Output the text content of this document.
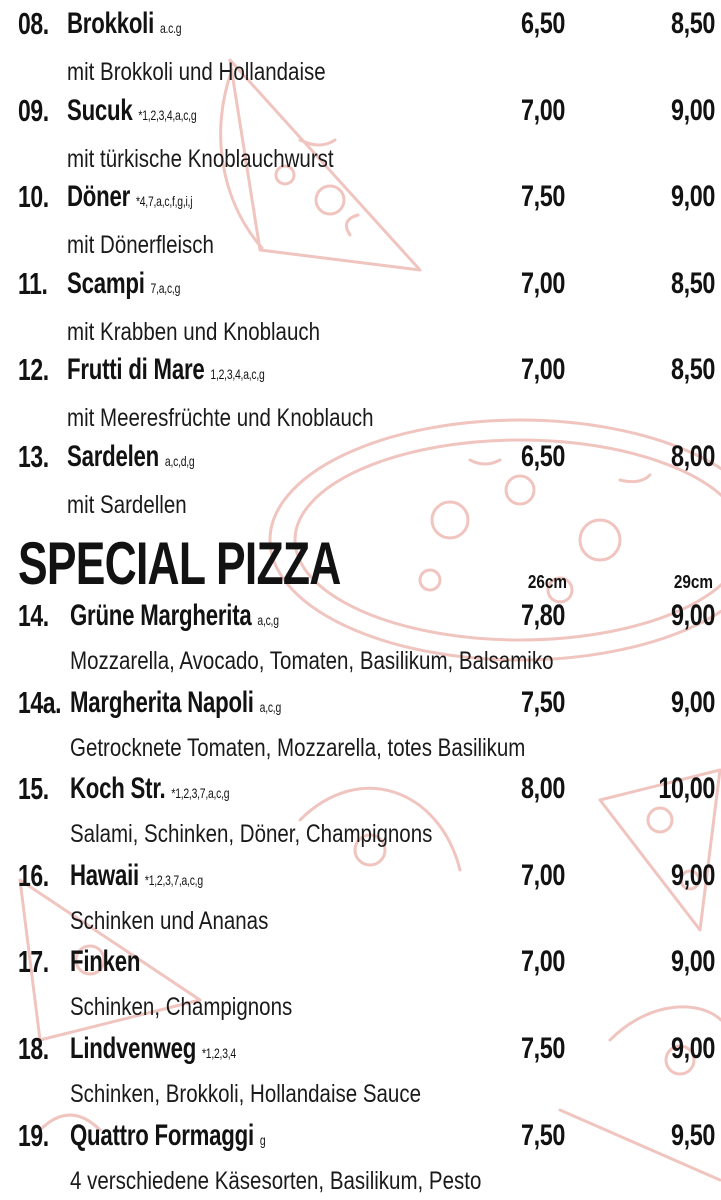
08. Brokkoli a.c.g	6,50	8,50
mit Brokkoli und Hollandaise
09. Sucuk *1,2,3,4,a,c,g	7,00	9,00
mit türkische Knoblauchwurst
10. Döner *4,7,a,c,f,g,i,j	7,50	9,00
mit Dönerfleisch
11. Scampi 7,a,c,g	7,00	8,50
mit Krabben und Knoblauch
12. Frutti di Mare 1,2,3,4,a,c,g	7,00	8,50
mit Meeresfrüchte und Knoblauch
13. Sardelen a,c,d,g	6,50	8,00
mit Sardellen
SPECIAL PIZZA	26cm	29cm
14. Grüne Margherita a,c,g	7,80	9,00
Mozzarella, Avocado, Tomaten, Basilikum, Balsamiko
14a. Margherita Napoli a,c,g	7,50	9,00
Getrocknete Tomaten, Mozzarella, totes Basilikum
15. Koch Str. *1,2,3,7,a,c,g	8,00	10,00
Salami, Schinken, Döner, Champignons
16. Hawaii *1,2,3,7,a,c,g	7,00	9,00
Schinken und Ananas
17. Finken	7,00	9,00
Schinken, Champignons
18. Lindvenweg *1,2,3,4	7,50	9,00
Schinken, Brokkoli, Hollandaise Sauce
19. Quattro Formaggi g	7,50	9,50
4 verschiedene Käsesorten, Basilikum, Pesto
